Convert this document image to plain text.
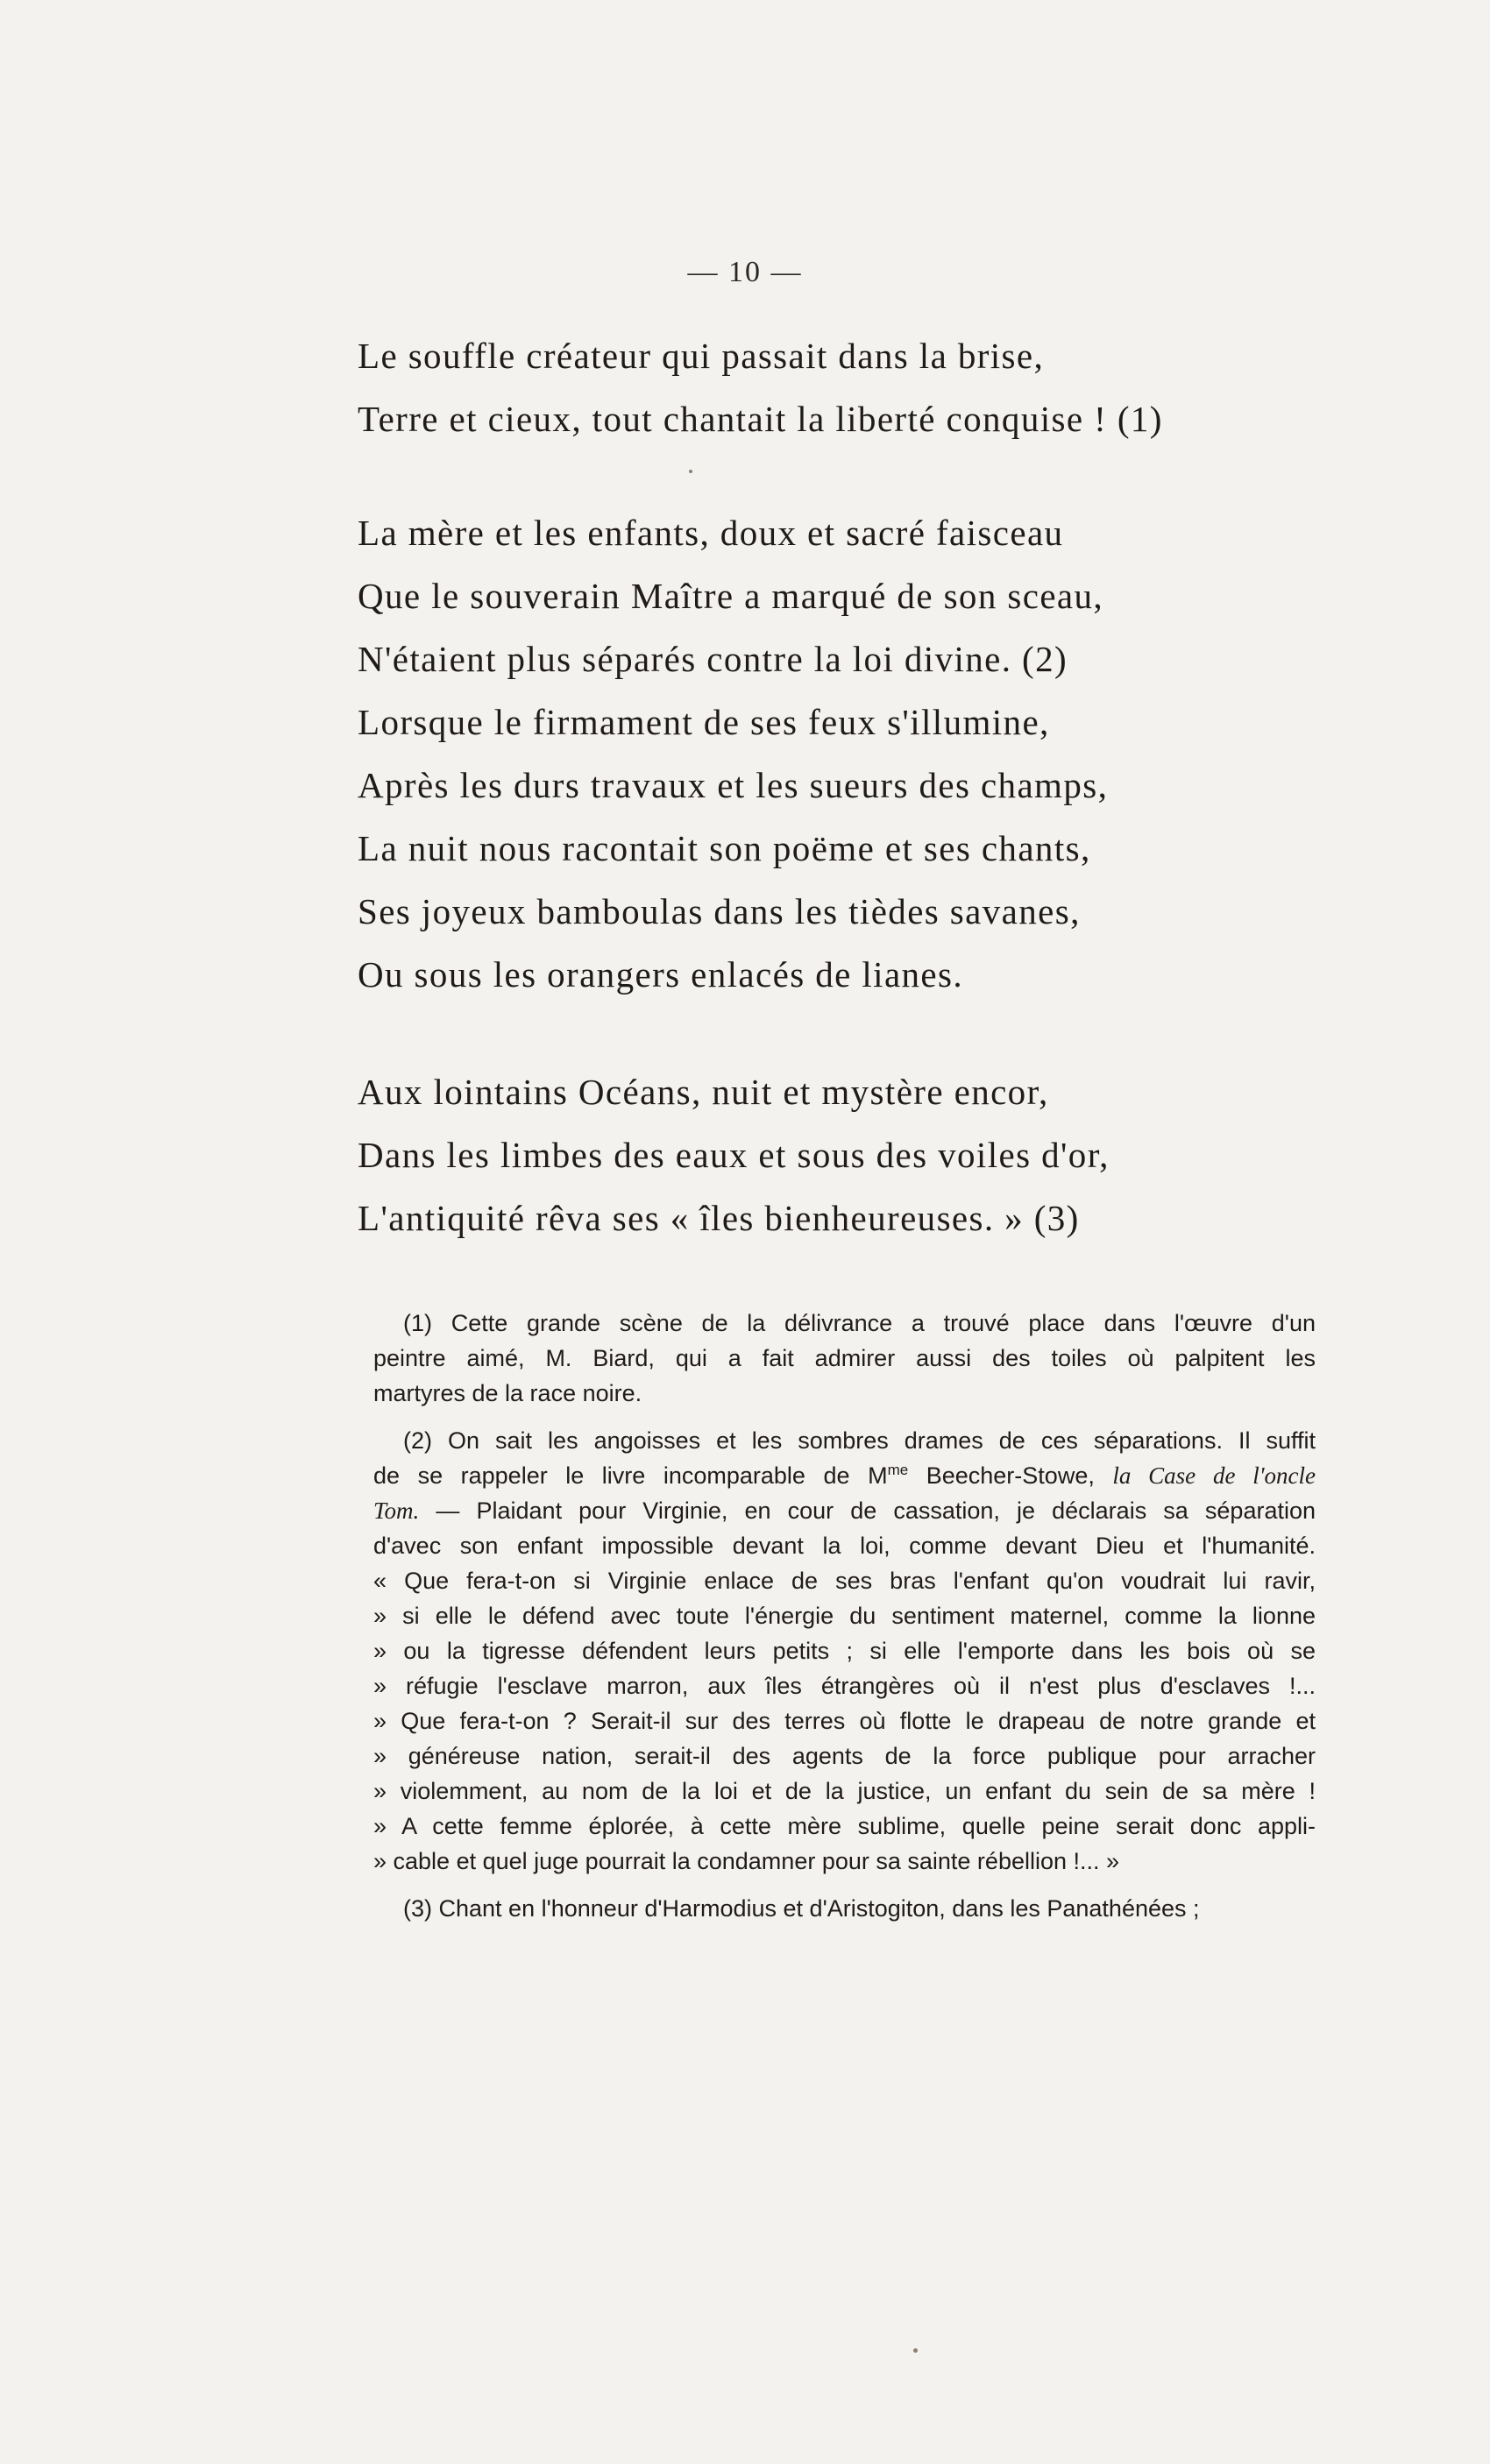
— 10 —
Le souffle créateur qui passait dans la brise,
Terre et cieux, tout chantait la liberté conquise ! (1)
La mère et les enfants, doux et sacré faisceau
Que le souverain Maître a marqué de son sceau,
N'étaient plus séparés contre la loi divine. (2)
Lorsque le firmament de ses feux s'illumine,
Après les durs travaux et les sueurs des champs,
La nuit nous racontait son poëme et ses chants,
Ses joyeux bamboulas dans les tièdes savanes,
Ou sous les orangers enlacés de lianes.
Aux lointains Océans, nuit et mystère encor,
Dans les limbes des eaux et sous des voiles d'or,
L'antiquité rêva ses « îles bienheureuses. » (3)
(1) Cette grande scène de la délivrance a trouvé place dans l'œuvre d'un
peintre aimé, M. Biard, qui a fait admirer aussi des toiles où palpitent les
martyres de la race noire.
(2) On sait les angoisses et les sombres drames de ces séparations. Il suffit
de se rappeler le livre incomparable de $M^{me}$ Beecher-Stowe, la Case de l'oncle
Tom. — Plaidant pour Virginie, en cour de cassation, je déclarais sa séparation
d'avec son enfant impossible devant la loi, comme devant Dieu et l'humanité.
« Que fera-t-on si Virginie enlace de ses bras l'enfant qu'on voudrait lui ravir,
» si elle le défend avec toute l'énergie du sentiment maternel, comme la lionne
» ou la tigresse défendent leurs petits ; si elle l'emporte dans les bois où se
» réfugie l'esclave marron, aux îles étrangères où il n'est plus d'esclaves !...
» Que fera-t-on ? Serait-il sur des terres où flotte le drapeau de notre grande et
» généreuse nation, serait-il des agents de la force publique pour arracher
» violemment, au nom de la loi et de la justice, un enfant du sein de sa mère !
» A cette femme éplorée, à cette mère sublime, quelle peine serait donc appli-
» cable et quel juge pourrait la condamner pour sa sainte rébellion !... »
(3) Chant en l'honneur d'Harmodius et d'Aristogiton, dans les Panathénées ;
